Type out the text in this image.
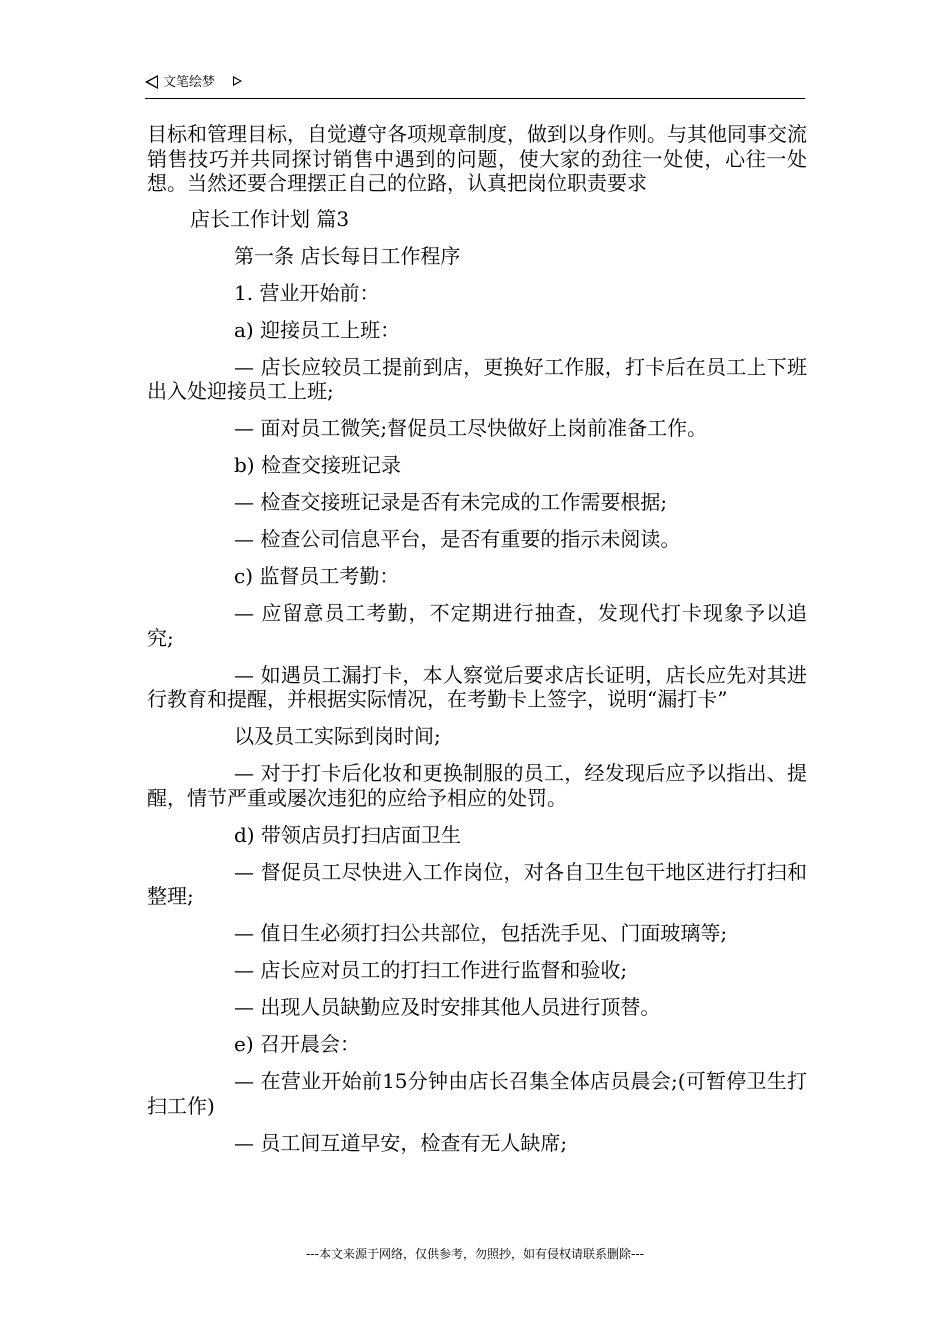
文笔绘梦

目标和管理目标，自觉遵守各项规章制度，做到以身作则。与其他同事交流销售技巧并共同探讨销售中遇到的问题，使大家的劲往一处使，心往一处想。当然还要合理摆正自己的位路，认真把岗位职责要求

店长工作计划 篇3

第一条 店长每日工作程序

1. 营业开始前：

a) 迎接员工上班：

— 店长应较员工提前到店，更换好工作服，打卡后在员工上下班出入处迎接员工上班;

— 面对员工微笑;督促员工尽快做好上岗前准备工作。

b) 检查交接班记录

— 检查交接班记录是否有未完成的工作需要根据;

— 检查公司信息平台，是否有重要的指示未阅读。

c) 监督员工考勤：

— 应留意员工考勤，不定期进行抽查，发现代打卡现象予以追究;

— 如遇员工漏打卡，本人察觉后要求店长证明，店长应先对其进行教育和提醒，并根据实际情况，在考勤卡上签字，说明“漏打卡”

以及员工实际到岗时间;

— 对于打卡后化妆和更换制服的员工，经发现后应予以指出、提醒，情节严重或屡次违犯的应给予相应的处罚。

d) 带领店员打扫店面卫生

— 督促员工尽快进入工作岗位，对各自卫生包干地区进行打扫和整理;

— 值日生必须打扫公共部位，包括洗手见、门面玻璃等;

— 店长应对员工的打扫工作进行监督和验收;

— 出现人员缺勤应及时安排其他人员进行顶替。

e) 召开晨会：

— 在营业开始前15分钟由店长召集全体店员晨会;(可暂停卫生打扫工作)

— 员工间互道早安，检查有无人缺席;

---本文来源于网络，仅供参考，勿照抄，如有侵权请联系删除---
